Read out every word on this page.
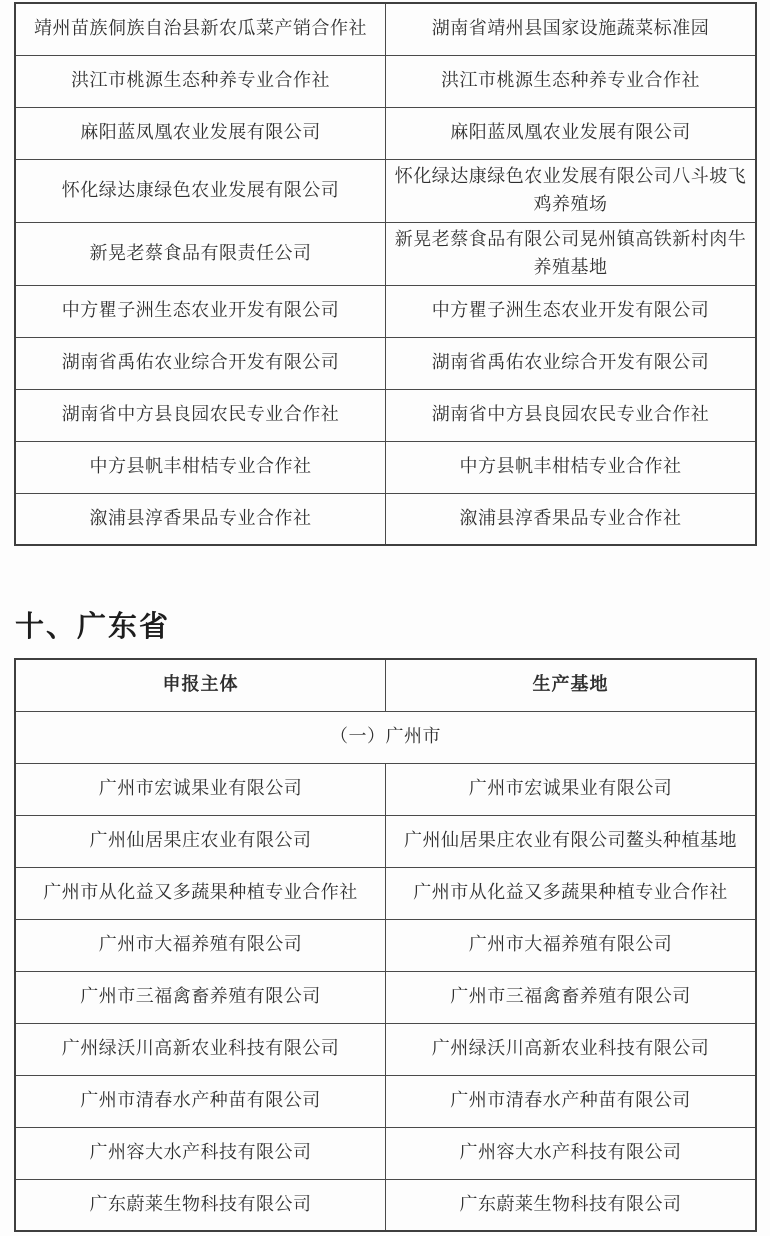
靖州苗族侗族自治县新农瓜菜产销合作社	湖南省靖州县国家设施蔬菜标准园
洪江市桃源生态种养专业合作社	洪江市桃源生态种养专业合作社
麻阳蓝凤凰农业发展有限公司	麻阳蓝凤凰农业发展有限公司
怀化绿达康绿色农业发展有限公司	怀化绿达康绿色农业发展有限公司八斗坡飞鸡养殖场
新晃老蔡食品有限责任公司	新晃老蔡食品有限公司晃州镇高铁新村肉牛养殖基地
中方瞿子洲生态农业开发有限公司	中方瞿子洲生态农业开发有限公司
湖南省禹佑农业综合开发有限公司	湖南省禹佑农业综合开发有限公司
湖南省中方县良园农民专业合作社	湖南省中方县良园农民专业合作社
中方县帆丰柑桔专业合作社	中方县帆丰柑桔专业合作社
溆浦县淳香果品专业合作社	溆浦县淳香果品专业合作社
十、广东省
申报主体	生产基地
（一）广州市	
广州市宏诚果业有限公司	广州市宏诚果业有限公司
广州仙居果庄农业有限公司	广州仙居果庄农业有限公司鳌头种植基地
广州市从化益又多蔬果种植专业合作社	广州市从化益又多蔬果种植专业合作社
广州市大福养殖有限公司	广州市大福养殖有限公司
广州市三福禽畜养殖有限公司	广州市三福禽畜养殖有限公司
广州绿沃川高新农业科技有限公司	广州绿沃川高新农业科技有限公司
广州市清春水产种苗有限公司	广州市清春水产种苗有限公司
广州容大水产科技有限公司	广州容大水产科技有限公司
广东蔚莱生物科技有限公司	广东蔚莱生物科技有限公司
